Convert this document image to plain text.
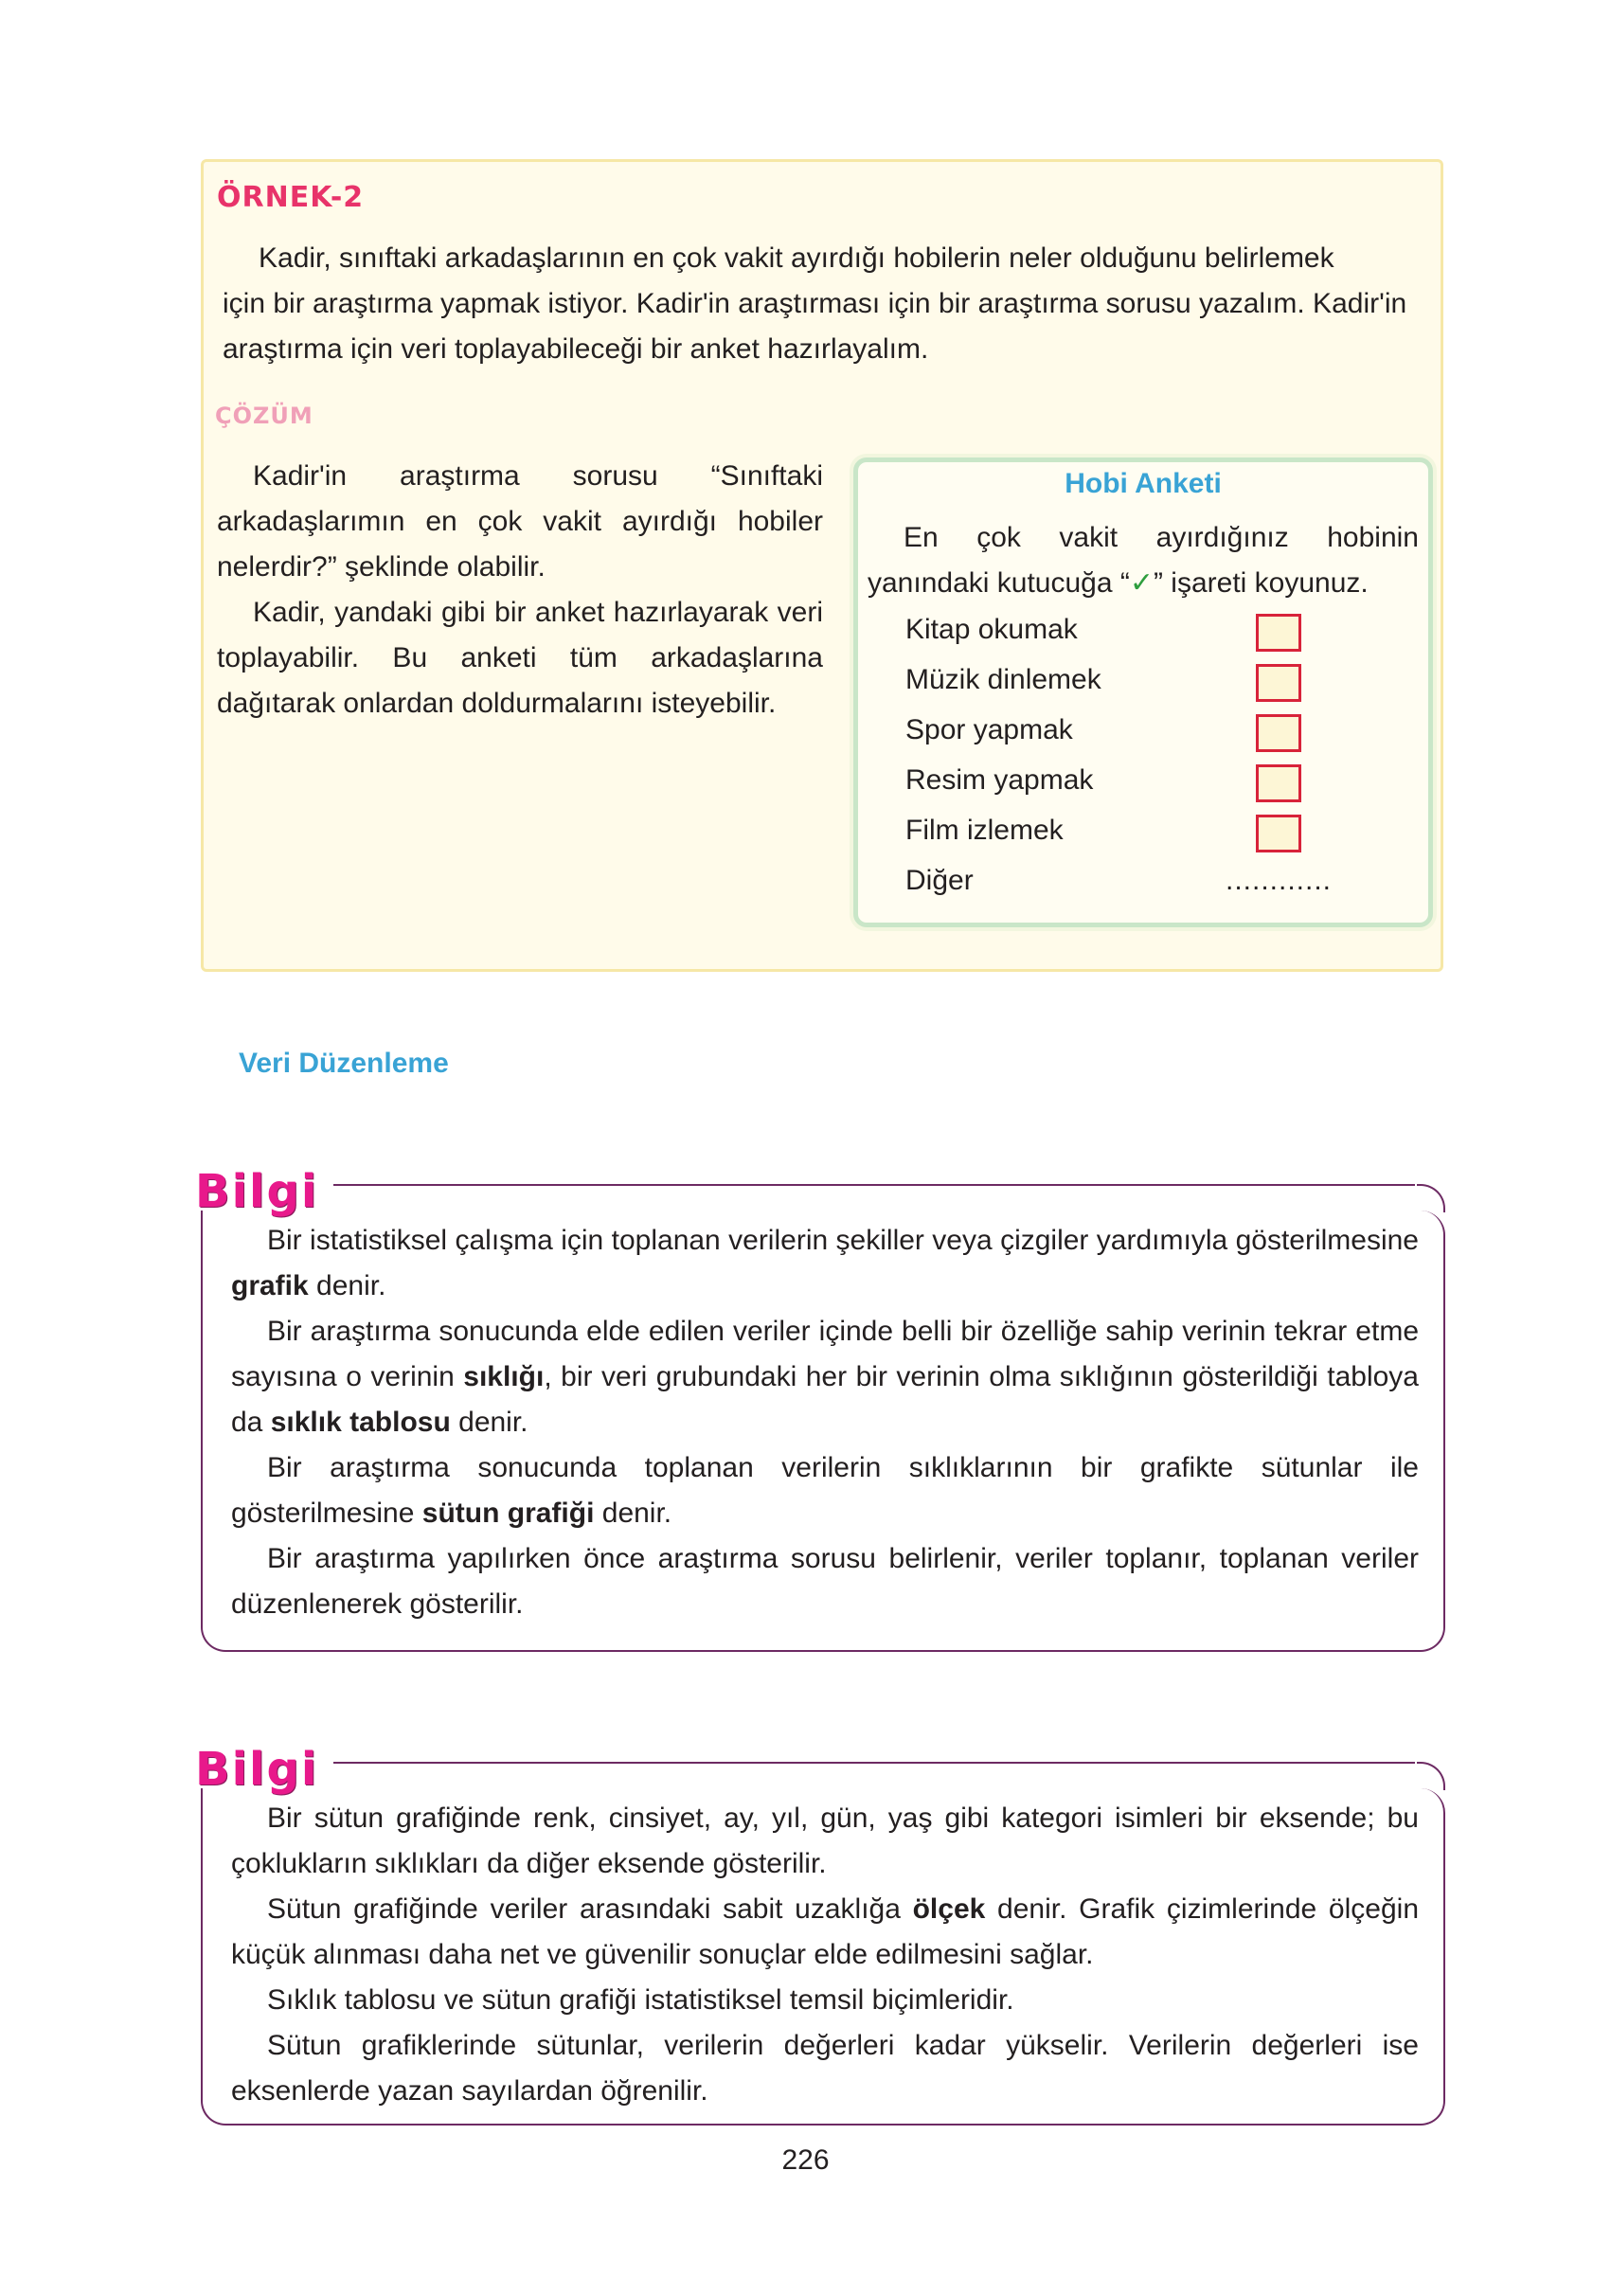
ÖRNEK-2

Kadir, sınıftaki arkadaşlarının en çok vakit ayırdığı hobilerin neler olduğunu belirlemek

için bir araştırma yapmak istiyor. Kadir'in araştırması için bir araştırma sorusu yazalım. Kadir'in araştırma için veri toplayabileceği bir anket hazırlayalım.

ÇÖZÜM

Kadir'in araştırma sorusu “Sınıftaki arkadaşlarımın en çok vakit ayırdığı hobiler nelerdir?” şeklinde olabilir.

Kadir, yandaki gibi bir anket hazırlayarak veri toplayabilir. Bu anketi tüm arkadaşlarına dağıtarak onlardan doldurmalarını isteyebilir.

Hobi Anketi
En çok vakit ayırdığınız hobinin yanındaki kutucuğa “✓” işareti koyunuz.
Kitap okumak
Müzik dinlemek
Spor yapmak
Resim yapmak
Film izlemek
Diğer	............
Veri Düzenleme
Bilgi

Bir istatistiksel çalışma için toplanan verilerin şekiller veya çizgiler yardımıyla gösterilmesine grafik denir.

Bir araştırma sonucunda elde edilen veriler içinde belli bir özelliğe sahip verinin tekrar etme sayısına o verinin sıklığı, bir veri grubundaki her bir verinin olma sıklığının gösterildiği tabloya da sıklık tablosu denir.

Bir araştırma sonucunda toplanan verilerin sıklıklarının bir grafikte sütunlar ile gösterilmesine sütun grafiği denir.

Bir araştırma yapılırken önce araştırma sorusu belirlenir, veriler toplanır, toplanan veriler düzenlenerek gösterilir.

Bilgi

Bir sütun grafiğinde renk, cinsiyet, ay, yıl, gün, yaş gibi kategori isimleri bir eksende; bu çoklukların sıklıkları da diğer eksende gösterilir.

Sütun grafiğinde veriler arasındaki sabit uzaklığa ölçek denir. Grafik çizimlerinde ölçeğin küçük alınması daha net ve güvenilir sonuçlar elde edilmesini sağlar.

Sıklık tablosu ve sütun grafiği istatistiksel temsil biçimleridir.

Sütun grafiklerinde sütunlar, verilerin değerleri kadar yükselir. Verilerin değerleri ise eksenlerde yazan sayılardan öğrenilir.

226
